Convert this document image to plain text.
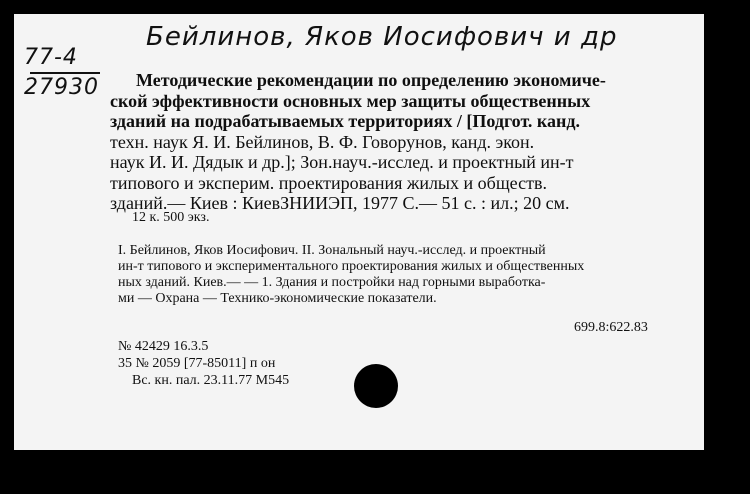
Бейлинов, Яков Иосифович и др
77-4
27930	Методические рекомендации по определению экономиче-
ской эффективности основных мер защиты общественных
зданий на подрабатываемых территориях / [Подгот. канд.
техн. наук Я. И. Бейлинов, В. Ф. Говорунов, канд. экон.
наук И. И. Дядык и др.]; Зон.науч.-исслед. и проектный ин-т
типового и эксперим. проектирования жилых и обществ.
зданий.— Киев : КиевЗНИИЭП, 1977 С.— 51 с. : ил.; 20 см.
12 к. 500 экз.
I. Бейлинов, Яков Иосифович. II. Зональный науч.-исслед. и проектный
ин-т типового и экспериментального проектирования жилых и общественных
ных зданий. Киев.— — 1. Здания и постройки над горными выработка-
ми — Охрана — Технико-экономические показатели.
699.8:622.83
№ 42429 16.3.5
35 № 2059 [77-85011] п он
Вс. кн. пал. 23.11.77 М545
